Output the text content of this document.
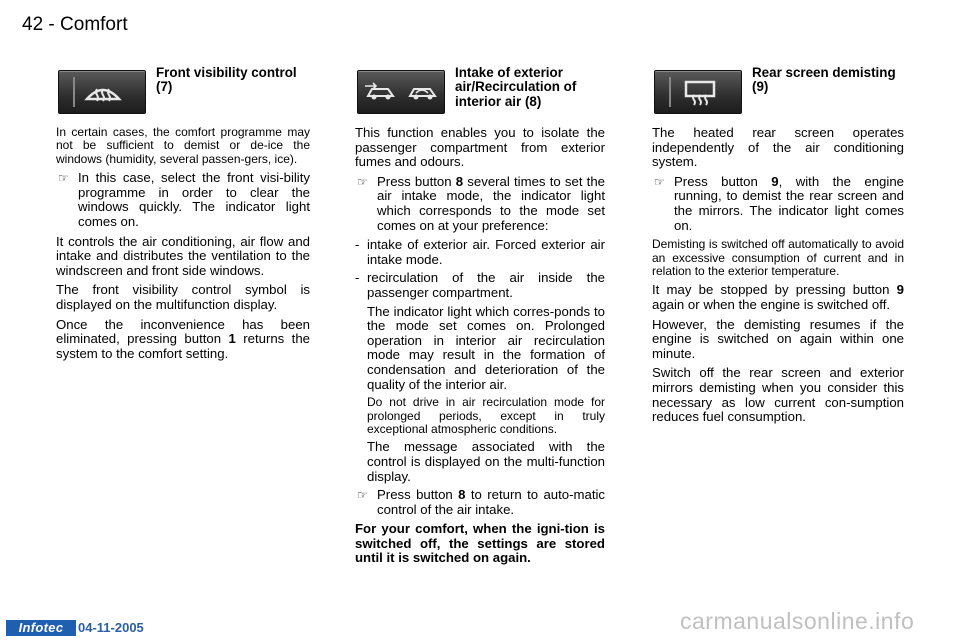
42 - Comfort
Front visibility control (7)

In certain cases, the comfort programme may not be sufficient to demist or de-ice the windows (humidity, several passen-gers, ice).

☞ In this case, select the front visi-bility programme in order to clear the windows quickly. The indicator light comes on.

It controls the air conditioning, air flow and intake and distributes the ventilation to the windscreen and front side windows.

The front visibility control symbol is displayed on the multifunction display.

Once the inconvenience has been eliminated, pressing button 1 returns the system to the comfort setting.

Intake of exterior air/Recirculation of interior air (8)

This function enables you to isolate the passenger compartment from exterior fumes and odours.

☞ Press button 8 several times to set the air intake mode, the indicator light which corresponds to the mode set comes on at your preference:
- intake of exterior air. Forced exterior air intake mode.
- recirculation of the air inside the passenger compartment.
The indicator light which corres-ponds to the mode set comes on. Prolonged operation in interior air recirculation mode may result in the formation of condensation and deterioration of the quality of the interior air.
Do not drive in air recirculation mode for prolonged periods, except in truly exceptional atmospheric conditions.
The message associated with the control is displayed on the multi-function display.
☞ Press button 8 to return to auto-matic control of the air intake.

For your comfort, when the igni-tion is switched off, the settings are stored until it is switched on again.

Rear screen demisting (9)

The heated rear screen operates independently of the air conditioning system.

☞ Press button 9, with the engine running, to demist the rear screen and the mirrors. The indicator light comes on.

Demisting is switched off automatically to avoid an excessive consumption of current and in relation to the exterior temperature.

It may be stopped by pressing button 9 again or when the engine is switched off.

However, the demisting resumes if the engine is switched on again within one minute.

Switch off the rear screen and exterior mirrors demisting when you consider this necessary as low current con-sumption reduces fuel consumption.

Infotec	04-11-2005	carmanualsonline.info
